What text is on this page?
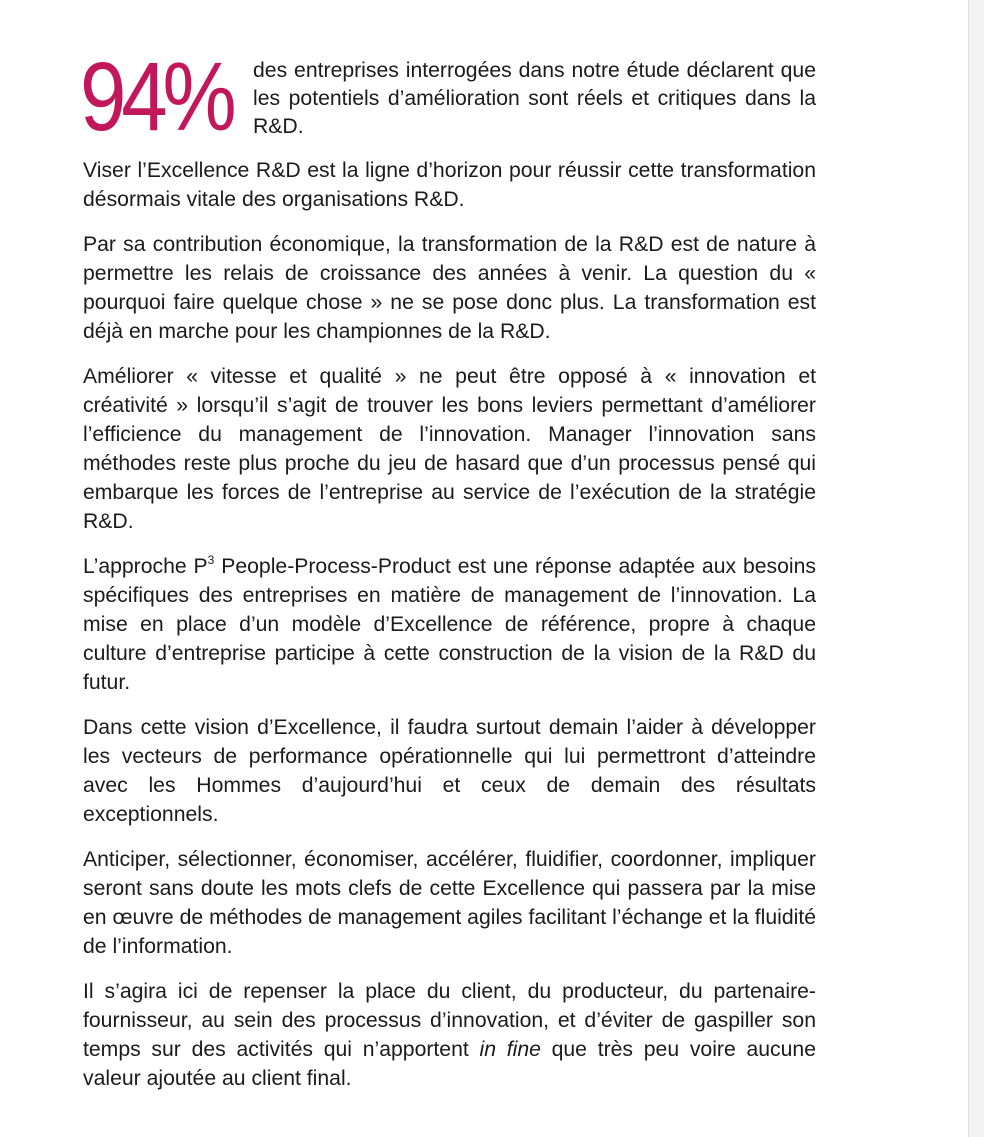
94% des entreprises interrogées dans notre étude déclarent que les potentiels d’amélioration sont réels et critiques dans la R&D.

Viser l’Excellence R&D est la ligne d’horizon pour réussir cette transformation désormais vitale des organisations R&D.

Par sa contribution économique, la transformation de la R&D est de nature à permettre les relais de croissance des années à venir. La question du « pourquoi faire quelque chose » ne se pose donc plus. La transformation est déjà en marche pour les championnes de la R&D.

Améliorer « vitesse et qualité » ne peut être opposé à « innovation et créativité » lorsqu’il s’agit de trouver les bons leviers permettant d’améliorer l’efficience du management de l’innovation. Manager l’innovation sans méthodes reste plus proche du jeu de hasard que d’un processus pensé qui embarque les forces de l’entreprise au service de l’exécution de la stratégie R&D.

L’approche $P^3$ People-Process-Product est une réponse adaptée aux besoins spécifiques des entreprises en matière de management de l’innovation. La mise en place d’un modèle d’Excellence de référence, propre à chaque culture d’entreprise participe à cette construction de la vision de la R&D du futur.

Dans cette vision d’Excellence, il faudra surtout demain l’aider à développer les vecteurs de performance opérationnelle qui lui permettront d’atteindre avec les Hommes d’aujourd’hui et ceux de demain des résultats exceptionnels.

Anticiper, sélectionner, économiser, accélérer, fluidifier, coordonner, impliquer seront sans doute les mots clefs de cette Excellence qui passera par la mise en œuvre de méthodes de management agiles facilitant l’échange et la fluidité de l’information.

Il s’agira ici de repenser la place du client, du producteur, du partenaire-fournisseur, au sein des processus d’innovation, et d’éviter de gaspiller son temps sur des activités qui n’apportent in fine que très peu voire aucune valeur ajoutée au client final.
